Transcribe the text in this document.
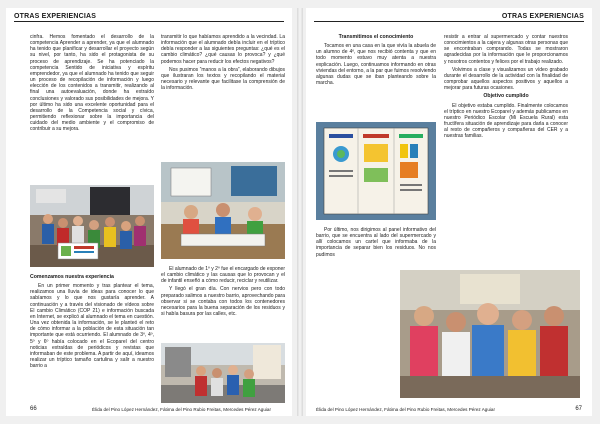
OTRAS EXPERIENCIAS

cinfra. Hemos fomentado el desarrollo de la competencia Aprender a aprender, ya que el alumnado ha tenido que planificar y desarrollar el proyecto según su nivel, por tanto, ha sido el protagonista de su proceso de aprendizaje. Se ha potenciado la competencia Sentido de iniciativa y espíritu emprendedor, ya que el alumnado ha tenido que seguir un proceso de recopilación de información y luego elección de los contenidos a transmitir, realizando al final una autoevaluación, donde ha extraído conclusiones y valorado sus posibilidades de mejora. Y por último ha sido una excelente oportunidad para el desarrollo de la Competencia social y cívica, permitiendo reflexionar sobre la importancia del cuidado del medio ambiente y el compromiso de contribuir a su mejora.

Comenzamos nuestra experiencia

En un primer momento y tras plantear el tema, realizamos una lluvia de ideas para conocer lo que sabíamos y lo que nos gustaría aprender. A continuación y a través del visionado de vídeos sobre El cambio Climático (COP 21) e información buscada en Internet, se explicó al alumnado el tema en cuestión. Una vez obtenida la información, se le planteó el reto de cómo informar a la población de esta situación tan importante que está ocurriendo. El alumnado de 3º, 4º, 5º y 6º había colocado en el Ecoparel del centro noticias extraídas de periódicos y revistas que informaban de este problema. A partir de aquí, ideamos realizar un tríptico tamaño cartulina y salir a nuestro barrio a

transmitir lo que habíamos aprendido a la vecindad. La información que el alumnado debía incluir en el tríptico debía responder a las siguientes preguntas: ¿qué es el cambio climático? ¿qué causas lo provoca? y ¿qué podemos hacer para reducir los efectos negativos?

Nos pusimos “manos a la obra”, elaborando dibujos que ilustraran los textos y recopilando el material necesario y relevante que facilitase la comprensión de la información.

El alumnado de 1º y 2º fue el encargado de exponer el cambio climático y las causas que lo provocan y el de infantil enseñó a cómo reducir, reciclar y reutilizar.

Y llegó el gran día. Con nervios pero con todo preparado salimos a nuestro barrio, aprovechando para observar si se contaba con todos los contenedores necesarios para la buena separación de los residuos y si había basura por las calles, etc.

66	Élida del Pino López Hernández, Fátima del Pino Rubio Freitas, Mercedes Pérez Aguiar
OTRAS EXPERIENCIAS

Transmitimos el conocimiento

Tocamos en una casa en la que vivía la abuela de un alumno de 4º, que nos recibió contenta y que en todo momento estuvo muy atenta a nuestra explicación. Luego, continuamos informando en otras viviendas del entorno, a la par que fuimos resolviendo algunas dudas que se iban planteando sobre la marcha.

Por último, nos dirigimos al panel informativo del barrio, que se encuentra al lado del supermercado y allí colocamos un cartel que informaba de la importancia de separar bien los residuos. No nos pudimos

resistir a entrar al supermercado y contar nuestros conocimientos a la cajera y algunas otras personas que se encontraban comprando. Todas se mostraron agradecidas por la información que le proporcionamos y nosotros contentos y felices por el trabajo realizado.

Volvimos a clase y visualizamos un vídeo grabado durante el desarrollo de la actividad con la finalidad de comprobar aquellos aspectos positivos y aquellos a mejorar para futuras ocasiones.

Objetivo cumplido

El objetivo estaba cumplido. Finalmente colocamos el tríptico en nuestro Ecoparel y además publicamos en nuestro Periódico Escolar (Mi Escuela Rural) esta fructífera situación de aprendizaje para darla a conocer al resto de compañeros y compañeras del CER y a nuestras familias.

Élida del Pino López Hernández, Fátima del Pino Rubio Freitas, Mercedes Pérez Aguiar	67
